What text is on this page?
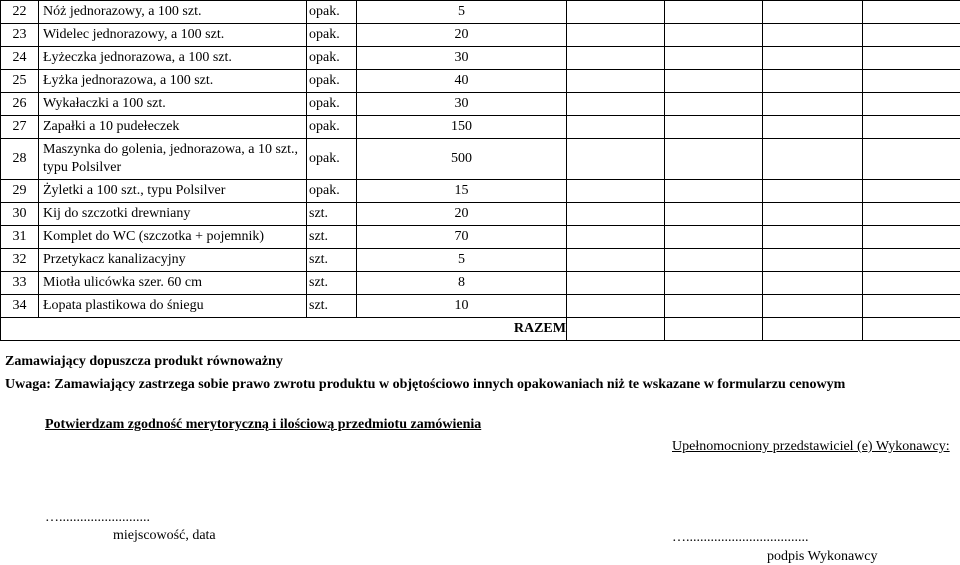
22	Nóż jednorazowy, a 100 szt.	opak.	5				
23	Widelec jednorazowy, a 100 szt.	opak.	20				
24	Łyżeczka jednorazowa, a 100 szt.	opak.	30				
25	Łyżka jednorazowa, a 100 szt.	opak.	40				
26	Wykałaczki a 100 szt.	opak.	30				
27	Zapałki a 10 pudełeczek	opak.	150				
28	Maszynka do golenia, jednorazowa, a 10 szt., typu Polsilver	opak.	500				
29	Żyletki a 100 szt., typu Polsilver	opak.	15				
30	Kij do szczotki drewniany	szt.	20				
31	Komplet do WC (szczotka + pojemnik)	szt.	70				
32	Przetykacz kanalizacyjny	szt.	5				
33	Miotła ulicówka szer. 60 cm	szt.	8				
34	Łopata plastikowa do śniegu	szt.	10				
			RAZEM				
Zamawiający dopuszcza produkt równoważny
Uwaga: Zamawiający zastrzega sobie prawo zwrotu produktu w objętościowo innych opakowaniach niż te wskazane w formularzu cenowym
Potwierdzam zgodność merytoryczną i ilościową przedmiotu zamówienia
Upełnomocniony przedstawiciel (e) Wykonawcy:
…..........................
miejscowość, data	…...................................
podpis Wykonawcy
